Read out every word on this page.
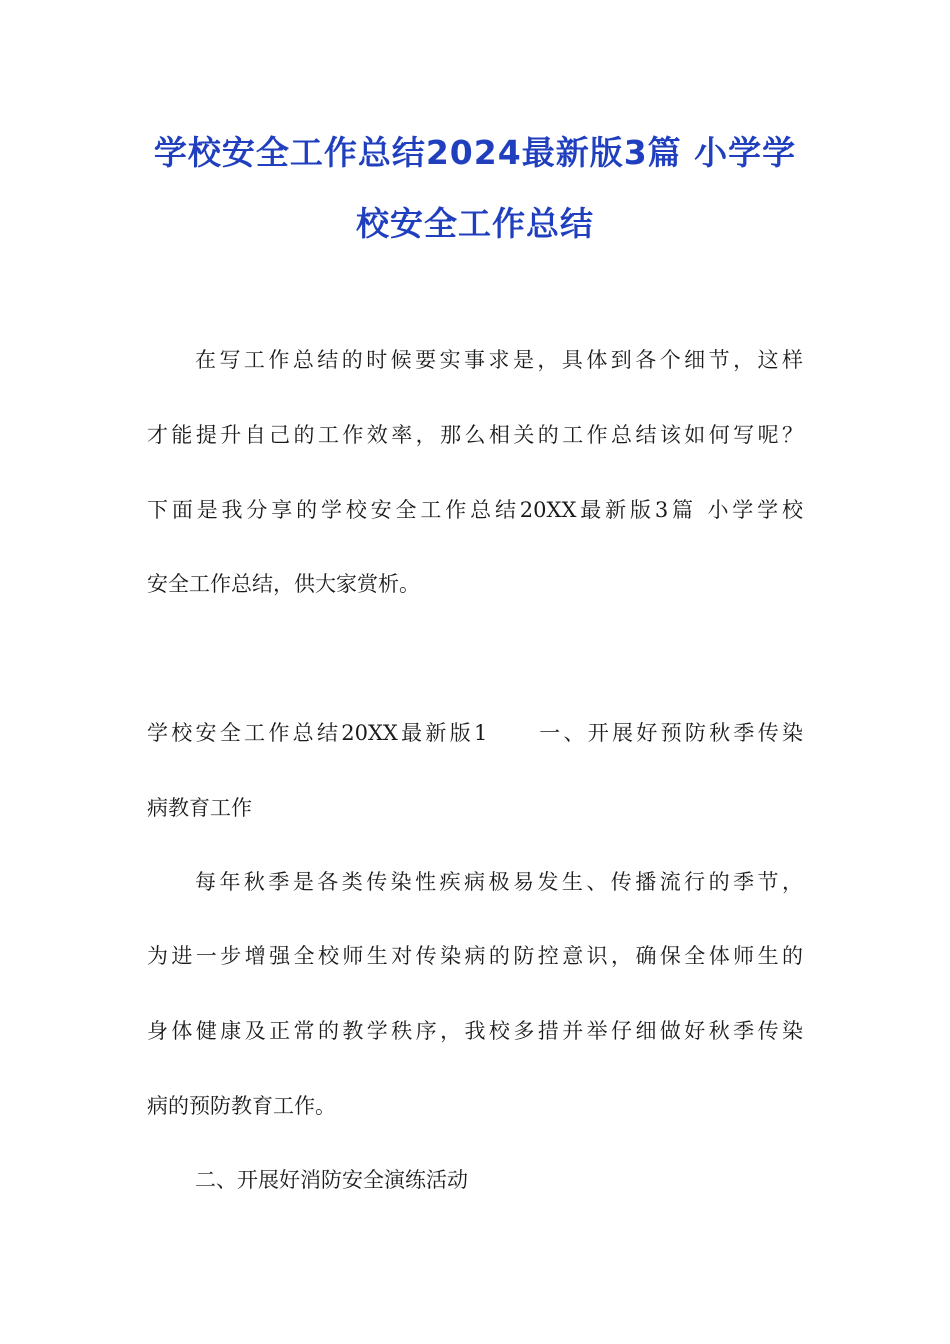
学校安全工作总结2024最新版3篇 小学学
校安全工作总结
在写工作总结的时候要实事求是，具体到各个细节，这样
才能提升自己的工作效率，那么相关的工作总结该如何写呢？
下面是我分享的学校安全工作总结20XX最新版3篇 小学学校
安全工作总结，供大家赏析。
学校安全工作总结20XX最新版1　　一、开展好预防秋季传染
病教育工作
每年秋季是各类传染性疾病极易发生、传播流行的季节，
为进一步增强全校师生对传染病的防控意识，确保全体师生的
身体健康及正常的教学秩序，我校多措并举仔细做好秋季传染
病的预防教育工作。
二、开展好消防安全演练活动
